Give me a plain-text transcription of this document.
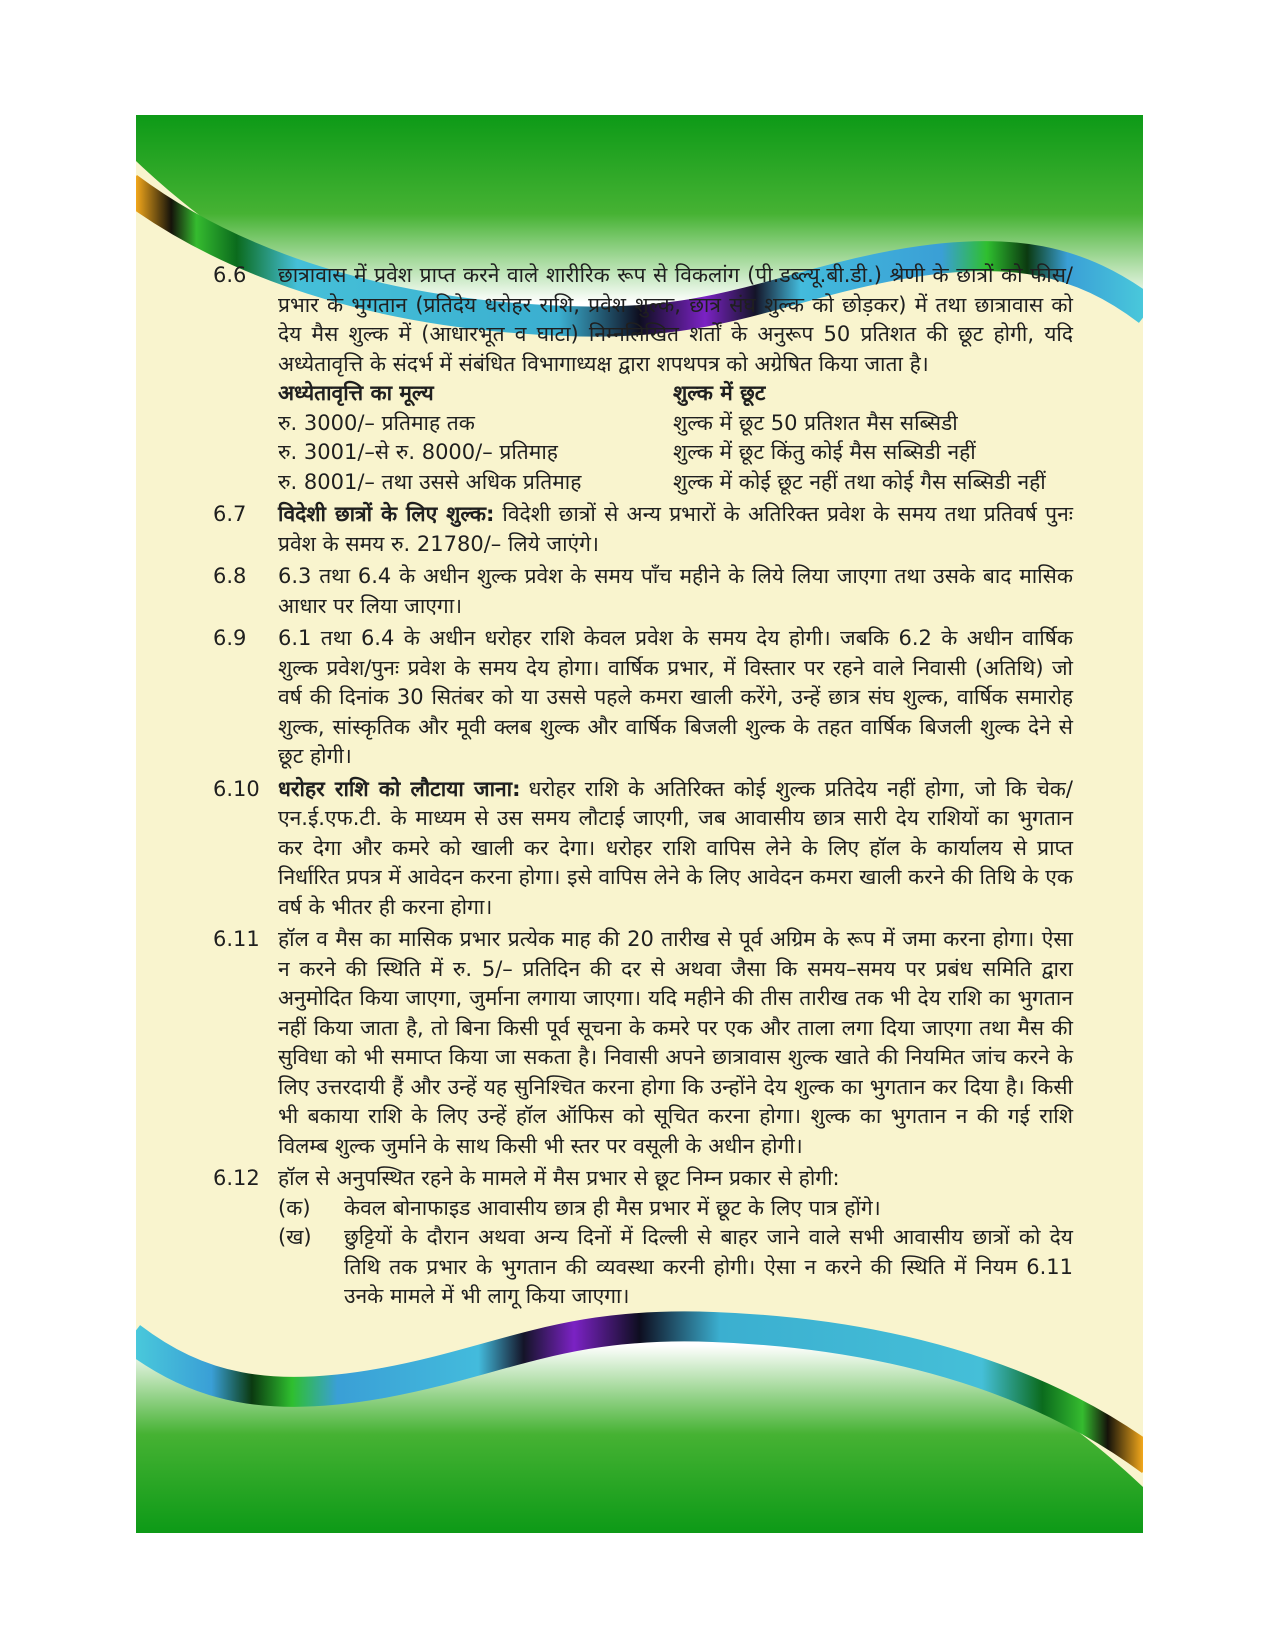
6.6	छात्रावास में प्रवेश प्राप्त करने वाले शारीरिक रूप से विकलांग (पी.डब्ल्यू.बी.डी.) श्रेणी के छात्रों को फीस/प्रभार के भुगतान (प्रतिदेय धरोहर राशि, प्रवेश शुल्क, छात्र संघ शुल्क को छोड़कर) में तथा छात्रावास को देय मैस शुल्क में (आधारभूत व घाटा) निम्नलिखित शर्तों के अनुरूप 50 प्रतिशत की छूट होगी, यदि अध्येतावृत्ति के संदर्भ में संबंधित विभागाध्यक्ष द्वारा शपथपत्र को अग्रेषित किया जाता है।
अध्येतावृत्ति का मूल्य	शुल्क में छूट
रु. 3000/– प्रतिमाह तक	शुल्क में छूट 50 प्रतिशत मैस सब्सिडी
रु. 3001/–से रु. 8000/– प्रतिमाह	शुल्क में छूट किंतु कोई मैस सब्सिडी नहीं
रु. 8001/– तथा उससे अधिक प्रतिमाह	शुल्क में कोई छूट नहीं तथा कोई गैस सब्सिडी नहीं
6.7	विदेशी छात्रों के लिए शुल्क: विदेशी छात्रों से अन्य प्रभारों के अतिरिक्त प्रवेश के समय तथा प्रतिवर्ष पुनः प्रवेश के समय रु. 21780/– लिये जाएंगे।
6.8	6.3 तथा 6.4 के अधीन शुल्क प्रवेश के समय पाँच महीने के लिये लिया जाएगा तथा उसके बाद मासिक आधार पर लिया जाएगा।
6.9	6.1 तथा 6.4 के अधीन धरोहर राशि केवल प्रवेश के समय देय होगी। जबकि 6.2 के अधीन वार्षिक शुल्क प्रवेश/पुनः प्रवेश के समय देय होगा। वार्षिक प्रभार, में विस्तार पर रहने वाले निवासी (अतिथि) जो वर्ष की दिनांक 30 सितंबर को या उससे पहले कमरा खाली करेंगे, उन्हें छात्र संघ शुल्क, वार्षिक समारोह शुल्क, सांस्कृतिक और मूवी क्लब शुल्क और वार्षिक बिजली शुल्क के तहत वार्षिक बिजली शुल्क देने से छूट होगी।
6.10 धरोहर राशि को लौटाया जाना: धरोहर राशि के अतिरिक्त कोई शुल्क प्रतिदेय नहीं होगा, जो कि चेक/एन.ई.एफ.टी. के माध्यम से उस समय लौटाई जाएगी, जब आवासीय छात्र सारी देय राशियों का भुगतान कर देगा और कमरे को खाली कर देगा। धरोहर राशि वापिस लेने के लिए हॉल के कार्यालय से प्राप्त निर्धारित प्रपत्र में आवेदन करना होगा। इसे वापिस लेने के लिए आवेदन कमरा खाली करने की तिथि के एक वर्ष के भीतर ही करना होगा।
6.11 हॉल व मैस का मासिक प्रभार प्रत्येक माह की 20 तारीख से पूर्व अग्रिम के रूप में जमा करना होगा। ऐसा न करने की स्थिति में रु. 5/– प्रतिदिन की दर से अथवा जैसा कि समय–समय पर प्रबंध समिति द्वारा अनुमोदित किया जाएगा, जुर्माना लगाया जाएगा। यदि महीने की तीस तारीख तक भी देय राशि का भुगतान नहीं किया जाता है, तो बिना किसी पूर्व सूचना के कमरे पर एक और ताला लगा दिया जाएगा तथा मैस की सुविधा को भी समाप्त किया जा सकता है। निवासी अपने छात्रावास शुल्क खाते की नियमित जांच करने के लिए उत्तरदायी हैं और उन्हें यह सुनिश्चित करना होगा कि उन्होंने देय शुल्क का भुगतान कर दिया है। किसी भी बकाया राशि के लिए उन्हें हॉल ऑफिस को सूचित करना होगा। शुल्क का भुगतान न की गई राशि विलम्ब शुल्क जुर्माने के साथ किसी भी स्तर पर वसूली के अधीन होगी।
6.12 हॉल से अनुपस्थित रहने के मामले में मैस प्रभार से छूट निम्न प्रकार से होगी:
(क)	केवल बोनाफाइड आवासीय छात्र ही मैस प्रभार में छूट के लिए पात्र होंगे।
(ख)	छुट्टियों के दौरान अथवा अन्य दिनों में दिल्ली से बाहर जाने वाले सभी आवासीय छात्रों को देय तिथि तक प्रभार के भुगतान की व्यवस्था करनी होगी। ऐसा न करने की स्थिति में नियम 6.11 उनके मामले में भी लागू किया जाएगा।
